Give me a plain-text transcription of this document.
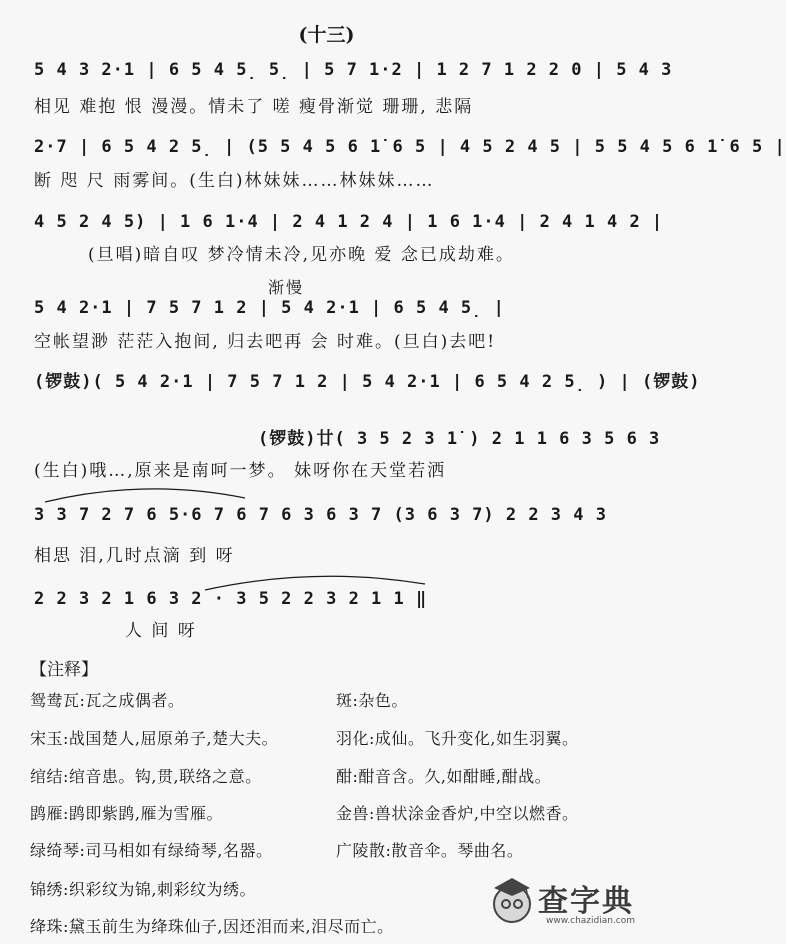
(十三)
5 4 3 2·1 | 6 5 4 5̣ 5̣ | 5 7 1·2 | 1 2 7 1 2 2 0 | 5 4 3
相见 难抱 恨 漫漫。情未了 嗟 瘦骨渐觉 珊珊, 悲隔
2·7 | 6 5 4 2 5̣ | (5 5 4 5 6 1̇ 6 5 | 4 5 2 4 5 | 5 5 4 5 6 1̇ 6 5 |
断 咫 尺 雨雾间。(生白)林妹妹……林妹妹……
4 5 2 4 5) | 1 6 1·4 | 2 4 1 2 4 | 1 6 1·4 | 2 4 1 4 2 |
(旦唱)暗自叹 梦冷情未冷,见亦晚 爱 念已成劫难。
渐慢
5 4 2·1 | 7 5 7 1 2 | 5 4 2·1 | 6 5 4 5̣ |
空帐望渺 茫茫入抱间, 归去吧再 会 时难。(旦白)去吧!
(锣鼓)( 5 4 2·1 | 7 5 7 1 2 | 5 4 2·1 | 6 5 4 2 5̣ ) | (锣鼓)
(锣鼓)廿( 3 5 2 3 1̇ ) 2 1 1 6 3 5 6 3
(生白)哦…,原来是南呵一梦。 妹呀你在天堂若洒
3 3 7 2 7 6 5·6 7 6 7 6 3 6 3 7 (3 6 3 7) 2 2 3 4 3
相思 泪,几时点滴 到 呀
2 2 3 2 1 6 3 2 · 3 5 2 2 3 2 1 1 ‖
人 间 呀
【注释】
鸳鸯瓦:瓦之成偶者。	斑:杂色。
宋玉:战国楚人,屈原弟子,楚大夫。	羽化:成仙。飞升变化,如生羽翼。
绾结:绾音患。钩,贯,联络之意。	酣:酣音含。久,如酣睡,酣战。
鹍雁:鹍即紫鹍,雁为雪雁。	金兽:兽状涂金香炉,中空以燃香。
绿绮琴:司马相如有绿绮琴,名器。	广陵散:散音伞。琴曲名。
锦绣:织彩纹为锦,刺彩纹为绣。
绛珠:黛玉前生为绛珠仙子,因还泪而来,泪尽而亡。
查字典
www.chazidian.com
